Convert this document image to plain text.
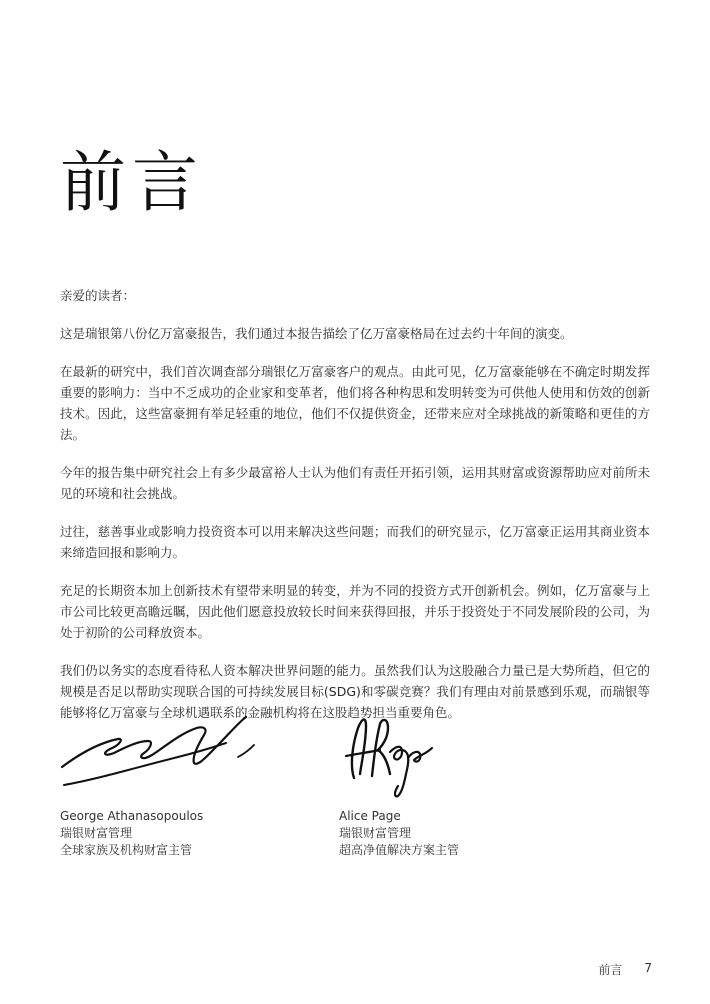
前言

亲爱的读者：

这是瑞银第八份亿万富豪报告，我们通过本报告描绘了亿万富豪格局在过去约十年间的演变。

在最新的研究中，我们首次调查部分瑞银亿万富豪客户的观点。由此可见，亿万富豪能够在不确定时期发挥重要的影响力：当中不乏成功的企业家和变革者，他们将各种构思和发明转变为可供他人使用和仿效的创新技术。因此，这些富豪拥有举足轻重的地位，他们不仅提供资金，还带来应对全球挑战的新策略和更佳的方法。

今年的报告集中研究社会上有多少最富裕人士认为他们有责任开拓引领，运用其财富或资源帮助应对前所未见的环境和社会挑战。

过往，慈善事业或影响力投资资本可以用来解决这些问题；而我们的研究显示，亿万富豪正运用其商业资本来缔造回报和影响力。

充足的长期资本加上创新技术有望带来明显的转变，并为不同的投资方式开创新机会。例如，亿万富豪与上市公司比较更高瞻远瞩，因此他们愿意投放较长时间来获得回报，并乐于投资处于不同发展阶段的公司，为处于初阶的公司释放资本。

我们仍以务实的态度看待私人资本解决世界问题的能力。虽然我们认为这股融合力量已是大势所趋，但它的规模是否足以帮助实现联合国的可持续发展目标(SDG)和零碳竞赛？我们有理由对前景感到乐观，而瑞银等能够将亿万富豪与全球机遇联系的金融机构将在这股趋势担当重要角色。

George Athanasopoulos
瑞银财富管理
全球家族及机构财富主管
Alice Page
瑞银财富管理
超高净值解决方案主管
前言 7
